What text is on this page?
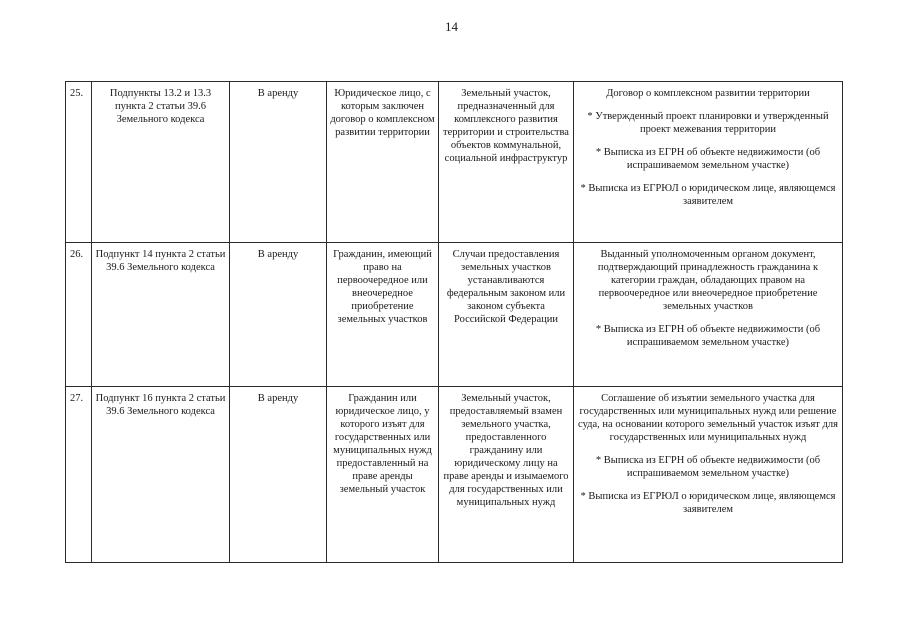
14
25.	Подпункты 13.2 и 13.3 пункта 2 статьи 39.6 Земельного кодекса	В аренду	Юридическое лицо, с которым заключен договор о комплексном развитии территории	Земельный участок, предназначенный для комплексного развития территории и строительства объектов коммунальной, социальной инфраструктур	Договор о комплексном развитии территории
* Утвержденный проект планировки и утвержденный проект межевания территории
* Выписка из ЕГРН об объекте недвижимости (об испрашиваемом земельном участке)
* Выписка из ЕГРЮЛ о юридическом лице, являющемся заявителем

26.	Подпункт 14 пункта 2 статьи 39.6 Земельного кодекса	В аренду	Гражданин, имеющий право на первоочередное или внеочередное приобретение земельных участков	Случаи предоставления земельных участков устанавливаются федеральным законом или законом субъекта Российской Федерации	Выданный уполномоченным органом документ, подтверждающий принадлежность гражданина к категории граждан, обладающих правом на первоочередное или внеочередное приобретение земельных участков
* Выписка из ЕГРН об объекте недвижимости (об испрашиваемом земельном участке)

27.	Подпункт 16 пункта 2 статьи 39.6 Земельного кодекса	В аренду	Гражданин или юридическое лицо, у которого изъят для государственных или муниципальных нужд предоставленный на праве аренды земельный участок	Земельный участок, предоставляемый взамен земельного участка, предоставленного гражданину или юридическому лицу на праве аренды и изымаемого для государственных или муниципальных нужд	Соглашение об изъятии земельного участка для государственных или муниципальных нужд или решение суда, на основании которого земельный участок изъят для государственных или муниципальных нужд
* Выписка из ЕГРН об объекте недвижимости (об испрашиваемом земельном участке)
* Выписка из ЕГРЮЛ о юридическом лице, являющемся заявителем
